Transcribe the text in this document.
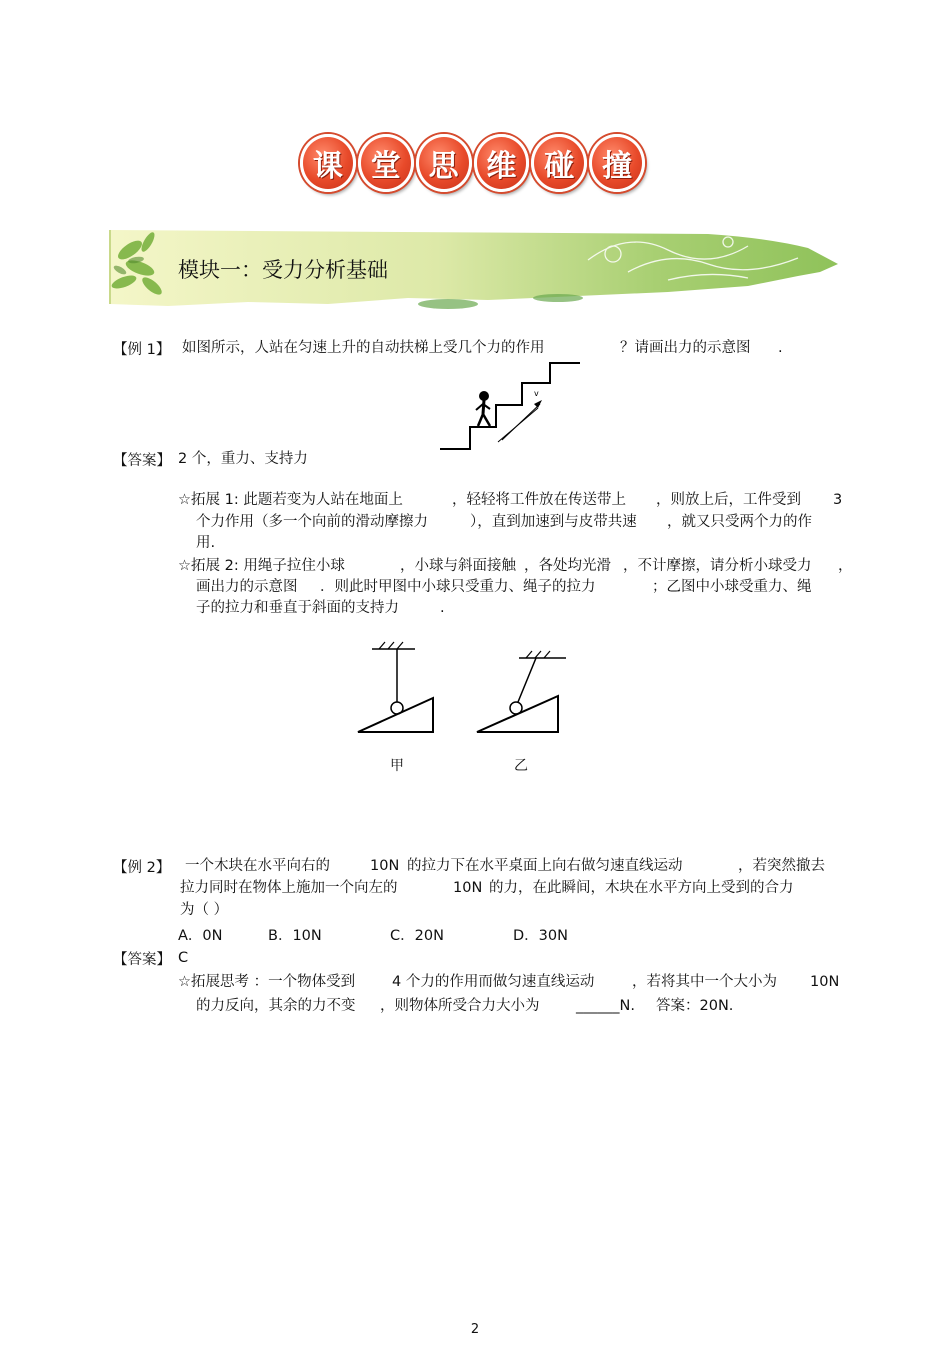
课 堂 思 维 碰 撞
模块一：受力分析基础
【例 1】 如图所示，人站在匀速上升的自动扶梯上受几个力的作用	？请画出力的示意图 .
v
【答案】 2 个，重力、支持力
☆拓展 1: 此题若变为人站在地面上	，轻轻将工件放在传送带上 ，则放上后，工件受到 3
个力作用（多一个向前的滑动摩擦力	），直到加速到与皮带共速 ，就又只受两个力的作
用.
☆拓展 2: 用绳子拉住小球	，小球与斜面接触 ，各处均光滑 ，不计摩擦，请分析小球受力 ，
画出力的示意图 ．则此时甲图中小球只受重力、绳子的拉力	；乙图中小球受重力、绳
子的拉力和垂直于斜面的支持力	.
甲	乙
【例 2】 一个木块在水平向右的	10N 的拉力下在水平桌面上向右做匀速直线运动	，若突然撤去
拉力同时在物体上施加一个向左的	10N 的力，在此瞬间，木块在水平方向上受到的合力
为（ ）
A．0N	B．10N	C．20N	D．30N
【答案】 C
☆拓展思考 ：一个物体受到	4 个力的作用而做匀速直线运动	，若将其中一个大小为 10N
的力反向，其余的力不变 ，则物体所受合力大小为	______N. 答案：20N.
2
